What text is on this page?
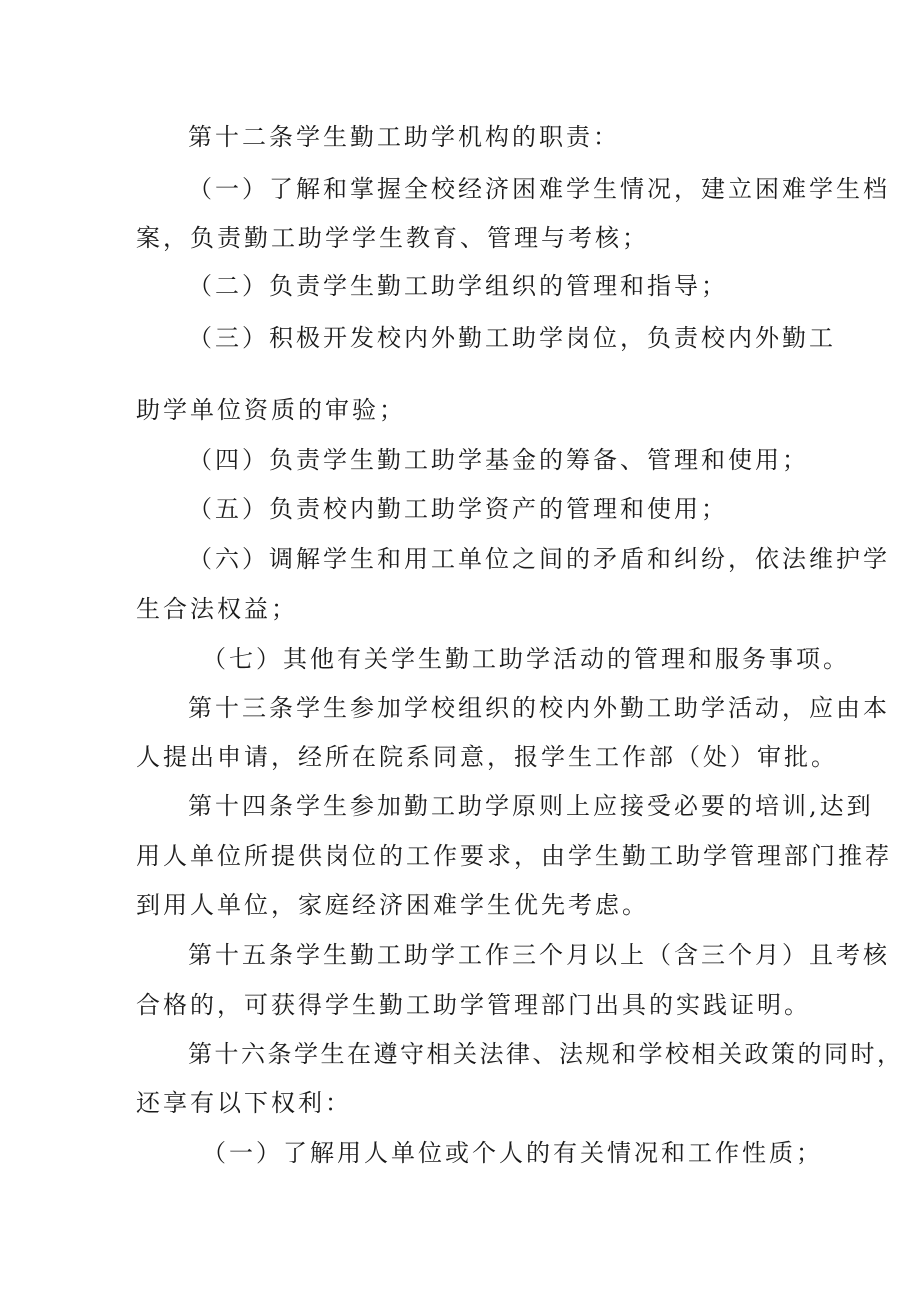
第十二条学生勤工助学机构的职责：

（一）了解和掌握全校经济困难学生情况，建立困难学生档

案，负责勤工助学学生教育、管理与考核；

（二）负责学生勤工助学组织的管理和指导；

（三）积极开发校内外勤工助学岗位，负责校内外勤工

助学单位资质的审验；

（四）负责学生勤工助学基金的筹备、管理和使用；

（五）负责校内勤工助学资产的管理和使用；

（六）调解学生和用工单位之间的矛盾和纠纷，依法维护学

生合法权益；

（七）其他有关学生勤工助学活动的管理和服务事项。

第十三条学生参加学校组织的校内外勤工助学活动，应由本

人提出申请，经所在院系同意，报学生工作部（处）审批。

第十四条学生参加勤工助学原则上应接受必要的培训,达到

用人单位所提供岗位的工作要求，由学生勤工助学管理部门推荐

到用人单位，家庭经济困难学生优先考虑。

第十五条学生勤工助学工作三个月以上（含三个月）且考核

合格的，可获得学生勤工助学管理部门出具的实践证明。

第十六条学生在遵守相关法律、法规和学校相关政策的同时，

还享有以下权利：

（一）了解用人单位或个人的有关情况和工作性质；
